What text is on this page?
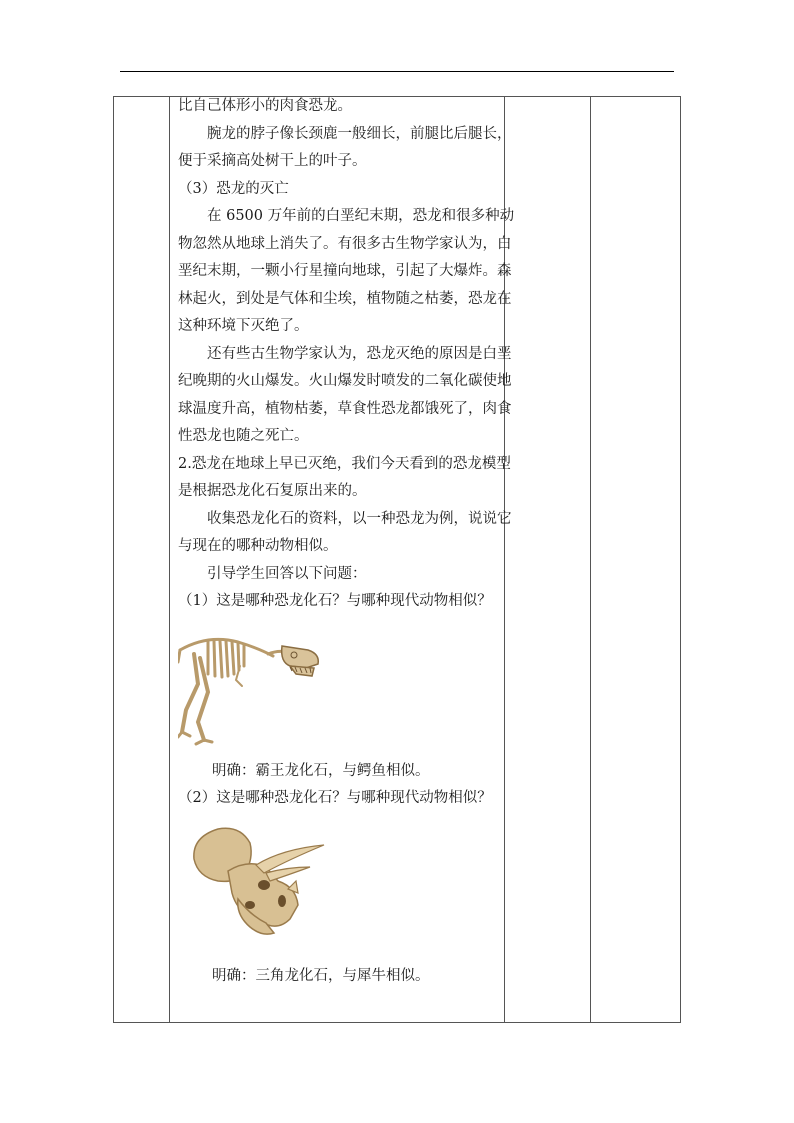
比自己体形小的肉食恐龙。
腕龙的脖子像长颈鹿一般细长，前腿比后腿长，
便于采摘高处树干上的叶子。
（3）恐龙的灭亡
在 6500 万年前的白垩纪末期，恐龙和很多种动
物忽然从地球上消失了。有很多古生物学家认为，白
垩纪末期，一颗小行星撞向地球，引起了大爆炸。森
林起火，到处是气体和尘埃，植物随之枯萎，恐龙在
这种环境下灭绝了。
还有些古生物学家认为，恐龙灭绝的原因是白垩
纪晚期的火山爆发。火山爆发时喷发的二氧化碳使地
球温度升高，植物枯萎，草食性恐龙都饿死了，肉食
性恐龙也随之死亡。
2.恐龙在地球上早已灭绝，我们今天看到的恐龙模型
是根据恐龙化石复原出来的。
收集恐龙化石的资料，以一种恐龙为例，说说它
与现在的哪种动物相似。
引导学生回答以下问题：
（1）这是哪种恐龙化石？与哪种现代动物相似？
明确：霸王龙化石，与鳄鱼相似。
（2）这是哪种恐龙化石？与哪种现代动物相似？
明确：三角龙化石，与犀牛相似。
